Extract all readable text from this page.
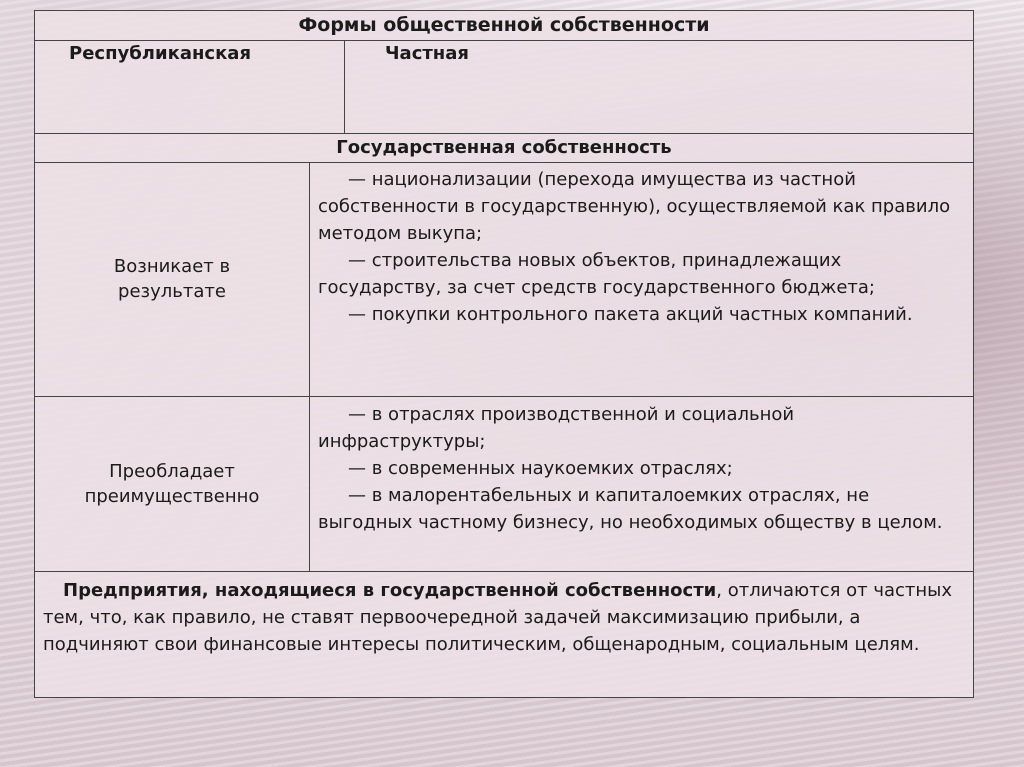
Формы общественной собственности
Республиканская	Частная
Государственная собственность
Возникает в
результате
— национализации (перехода имущества из частной собственности в государственную), осуществляемой как правило методом выкупа;
— строительства новых объектов, принадлежащих государству, за счет средств государственного бюджета;
— покупки контрольного пакета акций частных компаний.
Преобладает
преимущественно
— в отраслях производственной и социальной инфраструктуры;
— в современных наукоемких отраслях;
— в малорентабельных и капиталоемких отраслях, не выгодных частному бизнесу, но необходимых обществу в целом.
Предприятия, находящиеся в государственной собственности, отличаются от частных тем, что, как правило, не ставят первоочередной задачей максимизацию прибыли, а подчиняют свои финансовые интересы политическим, общенародным, социальным целям.
